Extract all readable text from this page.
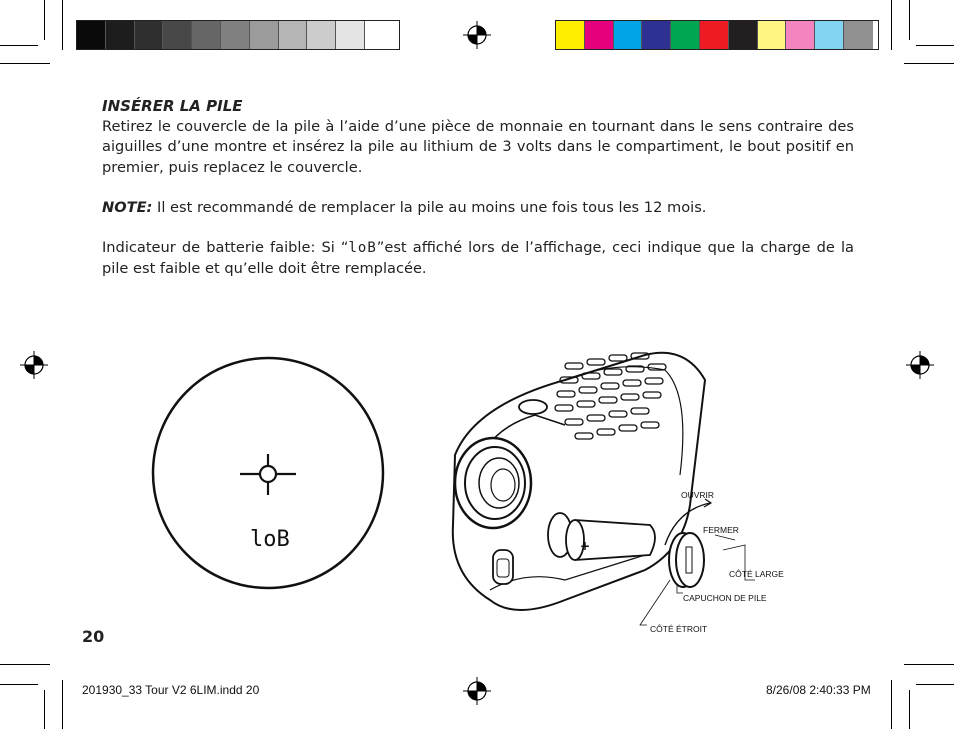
INSÉRER LA PILE
Retirez le couvercle de la pile à l’aide d’une pièce de monnaie en tournant dans le sens contraire des aiguilles d’une montre et insérez la pile au lithium de 3 volts dans le compartiment, le bout positif en premier, puis replacez le couvercle.
NOTE: Il est recommandé de remplacer la pile au moins une fois tous les 12 mois.
Indicateur de batterie faible: Si “loB”est affiché lors de l’affichage, ceci indique que la charge de la pile est faible et qu’elle doit être remplacée.
loB	+
–
OUVRIR
FERMER
CÔTÉ LARGE
CAPUCHON DE PILE
CÔTÉ ÉTROIT
20
201930_33 Tour V2 6LIM.indd 20	8/26/08 2:40:33 PM
